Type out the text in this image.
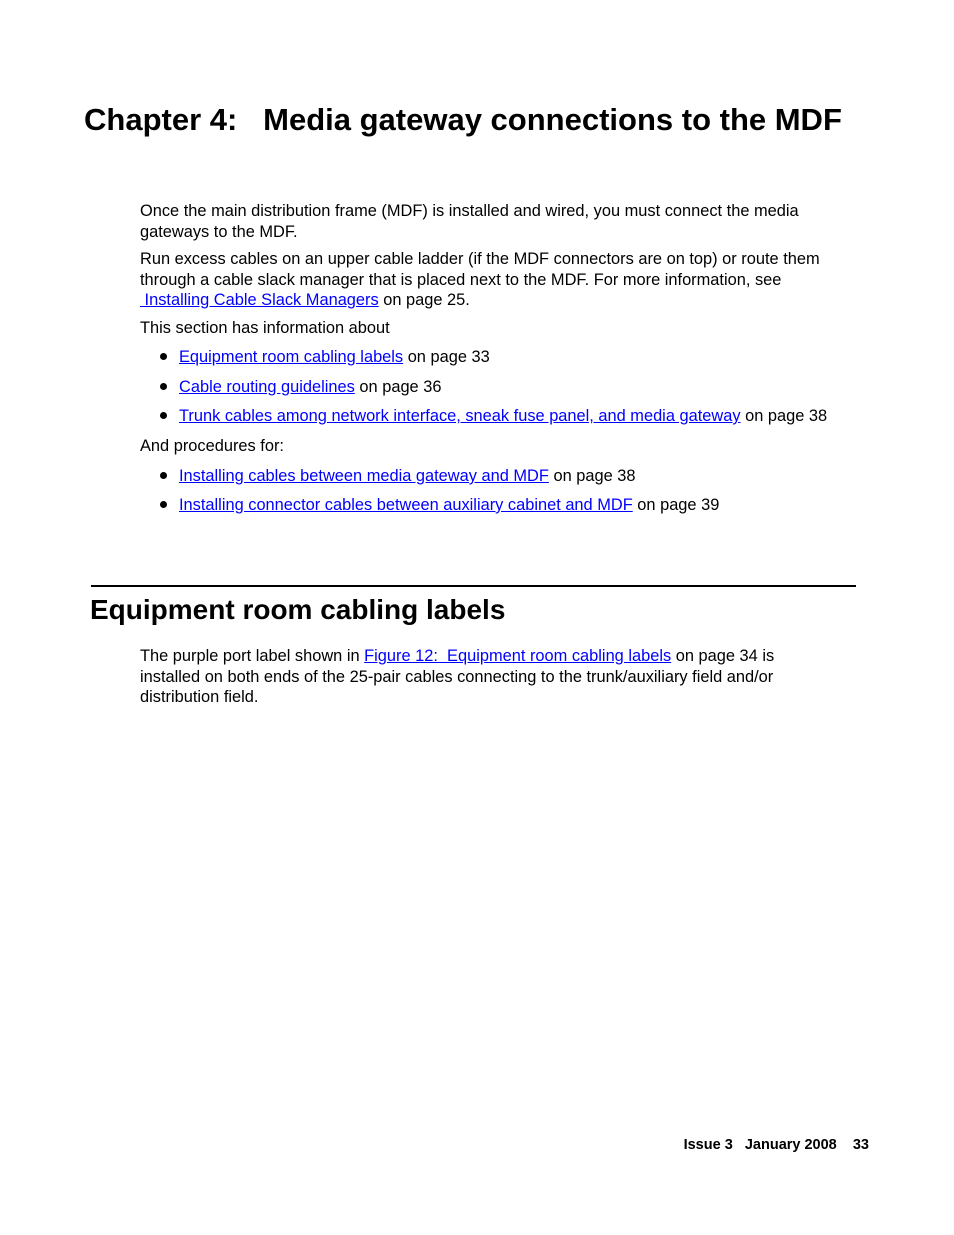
Chapter 4:   Media gateway connections to the MDF
Once the main distribution frame (MDF) is installed and wired, you must connect the media
gateways to the MDF.
Run excess cables on an upper cable ladder (if the MDF connectors are on top) or route them
through a cable slack manager that is placed next to the MDF. For more information, see
Installing Cable Slack Managers on page 25.
This section has information about
Equipment room cabling labels on page 33
Cable routing guidelines on page 36
Trunk cables among network interface, sneak fuse panel, and media gateway on page 38
And procedures for:
Installing cables between media gateway and MDF on page 38
Installing connector cables between auxiliary cabinet and MDF on page 39
Equipment room cabling labels
The purple port label shown in Figure 12:  Equipment room cabling labels on page 34 is
installed on both ends of the 25-pair cables connecting to the trunk/auxiliary field and/or
distribution field.
Issue 3   January 2008    33
